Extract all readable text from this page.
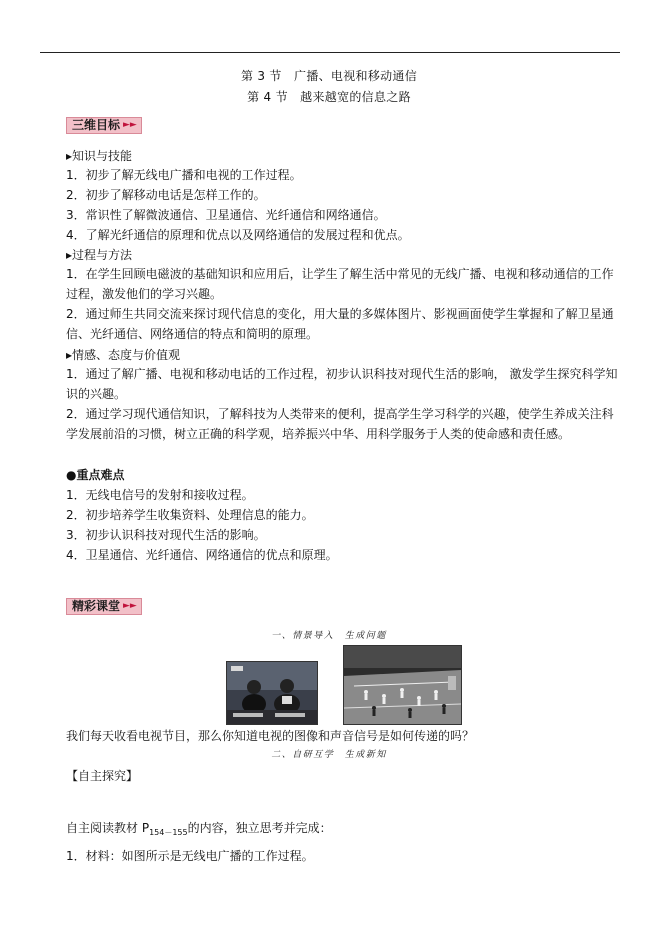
第 3 节　广播、电视和移动通信
第 4 节　越来越宽的信息之路
三维目标 ►►
▸知识与技能
1．初步了解无线电广播和电视的工作过程。
2．初步了解移动电话是怎样工作的。
3．常识性了解微波通信、卫星通信、光纤通信和网络通信。
4．了解光纤通信的原理和优点以及网络通信的发展过程和优点。
▸过程与方法
1．在学生回顾电磁波的基础知识和应用后，让学生了解生活中常见的无线广播、电视和移动通信的工作过程，激发他们的学习兴趣。
2．通过师生共同交流来探讨现代信息的变化，用大量的多媒体图片、影视画面使学生掌握和了解卫星通信、光纤通信、网络通信的特点和简明的原理。
▸情感、态度与价值观
1．通过了解广播、电视和移动电话的工作过程，初步认识科技对现代生活的影响， 激发学生探究科学知识的兴趣。
2．通过学习现代通信知识，了解科技为人类带来的便利，提高学生学习科学的兴趣，使学生养成关注科学发展前沿的习惯，树立正确的科学观，培养振兴中华、用科学服务于人类的使命感和责任感。
●重点难点
1．无线电信号的发射和接收过程。
2．初步培养学生收集资料、处理信息的能力。
3．初步认识科技对现代生活的影响。
4．卫星通信、光纤通信、网络通信的优点和原理。
精彩课堂 ►►
一、情景导入　生成问题
我们每天收看电视节目，那么你知道电视的图像和声音信号是如何传递的吗？
二、自研互学　生成新知
【自主探究】
自主阅读教材 $P_{154-155}$的内容，独立思考并完成：
1．材料：如图所示是无线电广播的工作过程。
